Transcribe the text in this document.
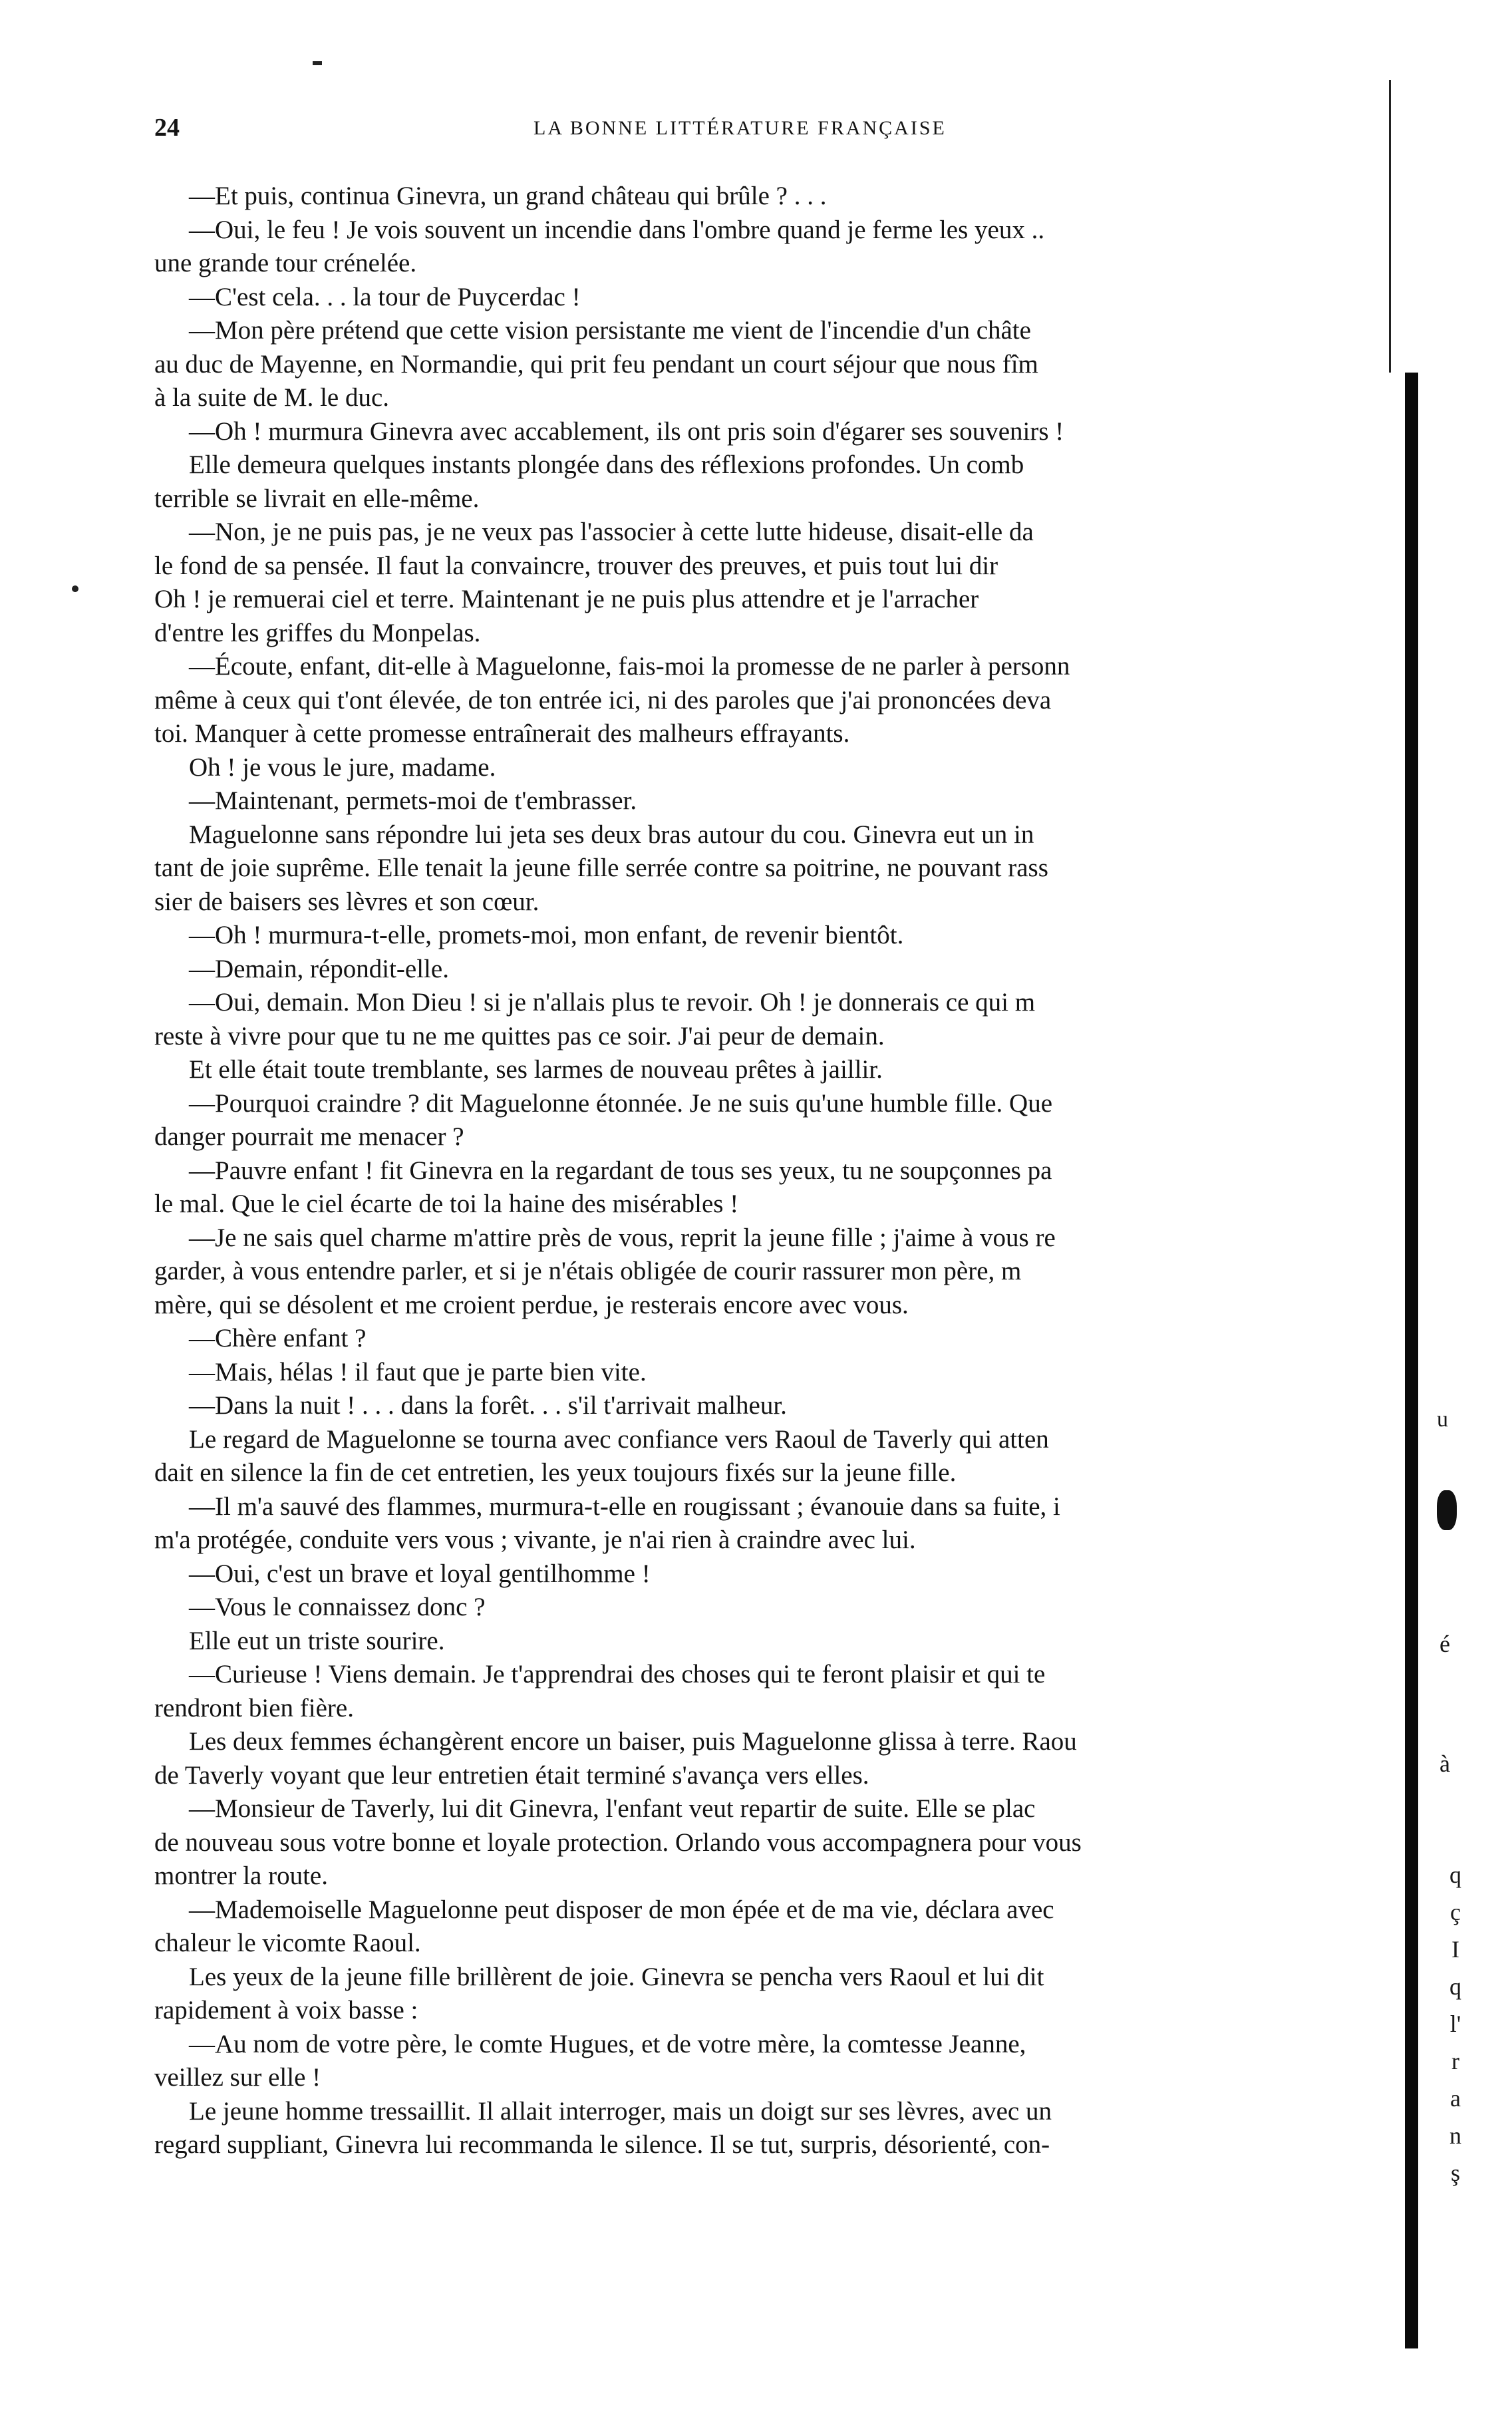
24	LA BONNE LITTÉRATURE FRANÇAISE
—Et puis, continua Ginevra, un grand château qui brûle ? . . .
—Oui, le feu ! Je vois souvent un incendie dans l'ombre quand je ferme les yeux ..
une grande tour crénelée.
—C'est cela. . . la tour de Puycerdac !
—Mon père prétend que cette vision persistante me vient de l'incendie d'un châte
au duc de Mayenne, en Normandie, qui prit feu pendant un court séjour que nous fîm
à la suite de M. le duc.
—Oh ! murmura Ginevra avec accablement, ils ont pris soin d'égarer ses souvenirs !
Elle demeura quelques instants plongée dans des réflexions profondes. Un comb
terrible se livrait en elle-même.
—Non, je ne puis pas, je ne veux pas l'associer à cette lutte hideuse, disait-elle da
le fond de sa pensée. Il faut la convaincre, trouver des preuves, et puis tout lui dir
Oh ! je remuerai ciel et terre. Maintenant je ne puis plus attendre et je l'arracher
d'entre les griffes du Monpelas.
—Écoute, enfant, dit-elle à Maguelonne, fais-moi la promesse de ne parler à personn
même à ceux qui t'ont élevée, de ton entrée ici, ni des paroles que j'ai prononcées deva
toi. Manquer à cette promesse entraînerait des malheurs effrayants.
Oh ! je vous le jure, madame.
—Maintenant, permets-moi de t'embrasser.
Maguelonne sans répondre lui jeta ses deux bras autour du cou. Ginevra eut un in
tant de joie suprême. Elle tenait la jeune fille serrée contre sa poitrine, ne pouvant rass
sier de baisers ses lèvres et son cœur.
—Oh ! murmura-t-elle, promets-moi, mon enfant, de revenir bientôt.
—Demain, répondit-elle.
—Oui, demain. Mon Dieu ! si je n'allais plus te revoir. Oh ! je donnerais ce qui m
reste à vivre pour que tu ne me quittes pas ce soir. J'ai peur de demain.
Et elle était toute tremblante, ses larmes de nouveau prêtes à jaillir.
—Pourquoi craindre ? dit Maguelonne étonnée. Je ne suis qu'une humble fille. Que
danger pourrait me menacer ?
—Pauvre enfant ! fit Ginevra en la regardant de tous ses yeux, tu ne soupçonnes pa
le mal. Que le ciel écarte de toi la haine des misérables !
—Je ne sais quel charme m'attire près de vous, reprit la jeune fille ; j'aime à vous re
garder, à vous entendre parler, et si je n'étais obligée de courir rassurer mon père, m
mère, qui se désolent et me croient perdue, je resterais encore avec vous.
—Chère enfant ?
—Mais, hélas ! il faut que je parte bien vite.
—Dans la nuit ! . . . dans la forêt. . . s'il t'arrivait malheur.
Le regard de Maguelonne se tourna avec confiance vers Raoul de Taverly qui atten
dait en silence la fin de cet entretien, les yeux toujours fixés sur la jeune fille.
—Il m'a sauvé des flammes, murmura-t-elle en rougissant ; évanouie dans sa fuite, i
m'a protégée, conduite vers vous ; vivante, je n'ai rien à craindre avec lui.
—Oui, c'est un brave et loyal gentilhomme !
—Vous le connaissez donc ?
Elle eut un triste sourire.
—Curieuse ! Viens demain. Je t'apprendrai des choses qui te feront plaisir et qui te
rendront bien fière.
Les deux femmes échangèrent encore un baiser, puis Maguelonne glissa à terre. Raou
de Taverly voyant que leur entretien était terminé s'avança vers elles.
—Monsieur de Taverly, lui dit Ginevra, l'enfant veut repartir de suite. Elle se plac
de nouveau sous votre bonne et loyale protection. Orlando vous accompagnera pour vous
montrer la route.
—Mademoiselle Maguelonne peut disposer de mon épée et de ma vie, déclara avec
chaleur le vicomte Raoul.
Les yeux de la jeune fille brillèrent de joie. Ginevra se pencha vers Raoul et lui dit
rapidement à voix basse :
—Au nom de votre père, le comte Hugues, et de votre mère, la comtesse Jeanne,
veillez sur elle !
Le jeune homme tressaillit. Il allait interroger, mais un doigt sur ses lèvres, avec un
regard suppliant, Ginevra lui recommanda le silence. Il se tut, surpris, désorienté, con-
u
é
à
q
ç
I
q
l'
r
a
n
ş
